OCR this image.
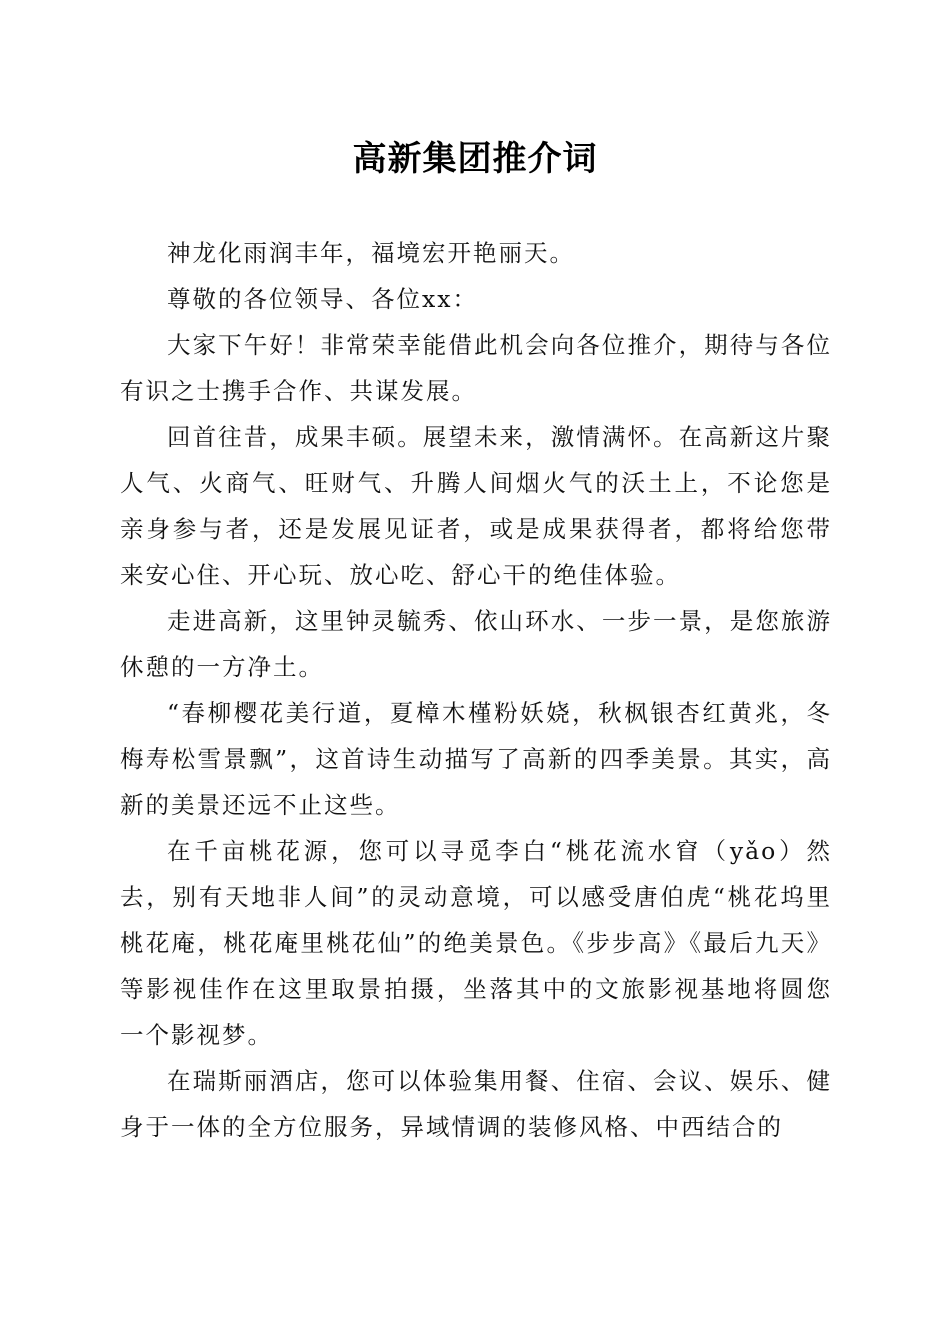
高新集团推介词

神龙化雨润丰年，福境宏开艳丽天。

尊敬的各位领导、各位xx：

大家下午好！非常荣幸能借此机会向各位推介，期待与各位有识之士携手合作、共谋发展。

回首往昔，成果丰硕。展望未来，激情满怀。在高新这片聚人气、火商气、旺财气、升腾人间烟火气的沃土上，不论您是亲身参与者，还是发展见证者，或是成果获得者，都将给您带来安心住、开心玩、放心吃、舒心干的绝佳体验。

走进高新，这里钟灵毓秀、依山环水、一步一景，是您旅游休憩的一方净土。

“春柳樱花美行道，夏樟木槿粉妖娆，秋枫银杏红黄兆，冬梅寿松雪景飘”，这首诗生动描写了高新的四季美景。其实，高新的美景还远不止这些。

在千亩桃花源，您可以寻觅李白“桃花流水窅（yǎo）然去，别有天地非人间”的灵动意境，可以感受唐伯虎“桃花坞里桃花庵，桃花庵里桃花仙”的绝美景色。《步步高》《最后九天》等影视佳作在这里取景拍摄，坐落其中的文旅影视基地将圆您一个影视梦。

在瑞斯丽酒店，您可以体验集用餐、住宿、会议、娱乐、健身于一体的全方位服务，异域情调的装修风格、中西结合的
